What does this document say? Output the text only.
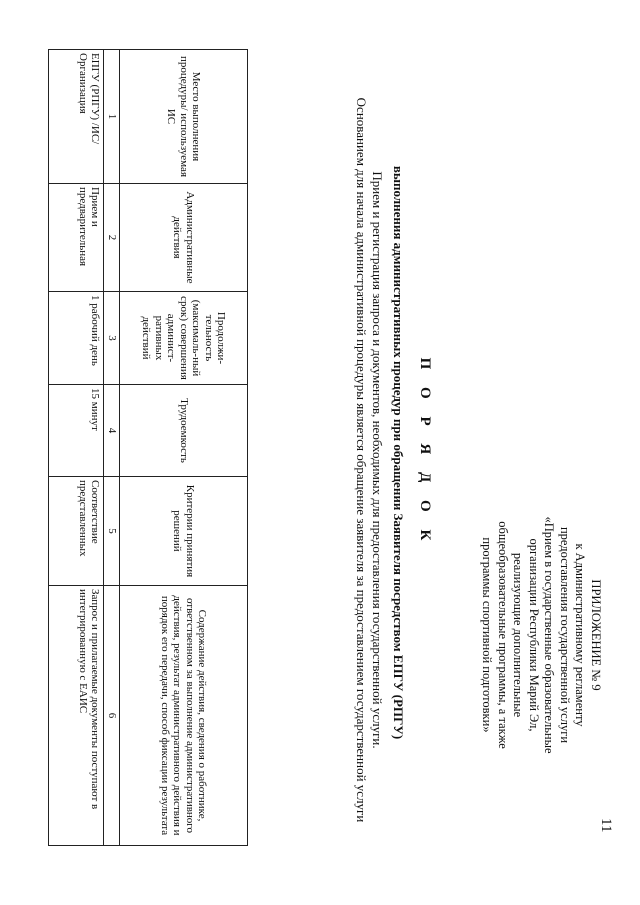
11
ПРИЛОЖЕНИЕ № 9
к Административному регламенту
предоставления государственной услуги
«Прием в государственные образовательные
организации Республики Марий Эл,
реализующие дополнительные
общеобразовательные программы, а также
программы спортивной подготовки»
П О Р Я Д О К
выполнения административных процедур при обращении Заявителя посредством ЕПГУ (РПГУ)
Прием и регистрация запроса и документов, необходимых для предоставления государственной услуги.
Основанием для начала административной процедуры является обращение заявителя за предоставлением государственной услуги
Место выполнения процедуры/ используемая ИС	Административные действия	Продолжи-тельность (максималь-ный срок) совершения админист-ративных действий	Трудоемкость	Критерии принятия решений	Содержание действия, сведения о работнике, ответственном за выполнение административного действия, результат административного действия и порядок его передачи, способ фиксации результата
1	2	3	4	5	6
ЕПГУ (РПГУ) /ИС/Организация	Прием и предварительная	1 рабочий день	15 минут	Соответствие представленных	Запрос и прилагаемые документы поступают в интегрированную с ЕАИС
